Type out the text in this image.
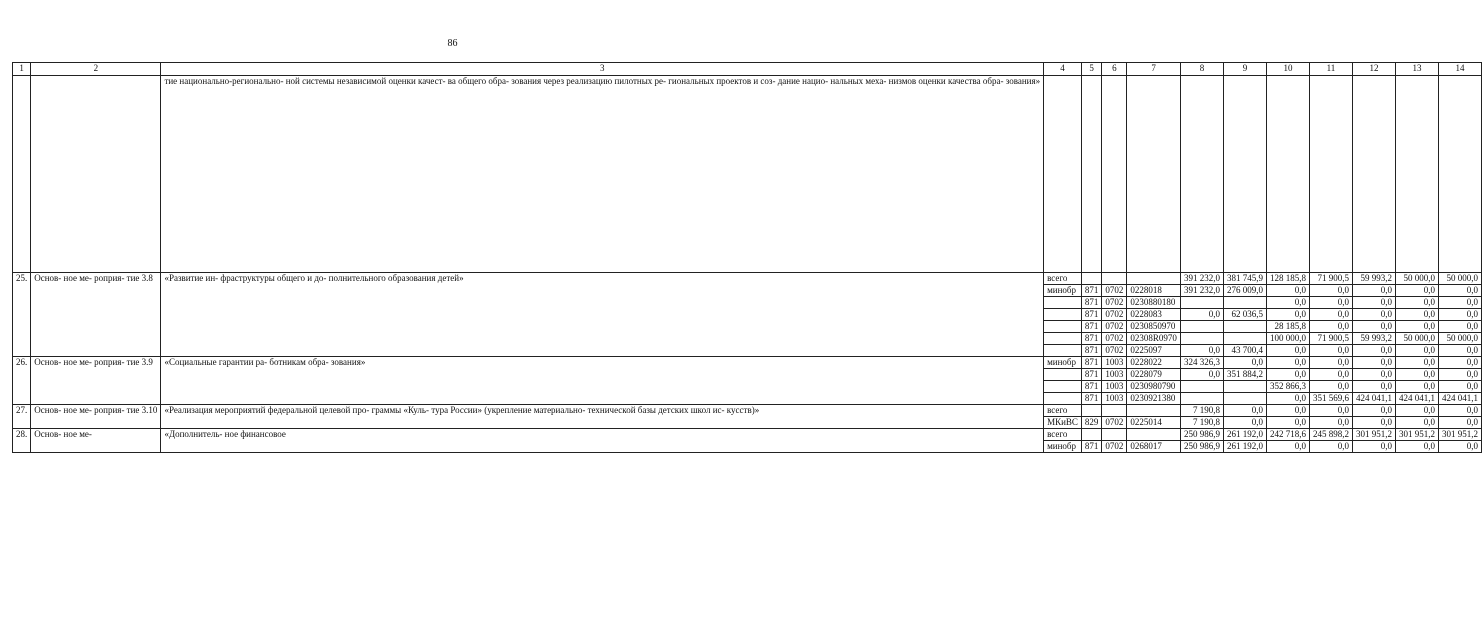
86
1	2	3	4	5	6	7	8	9	10	11	12	13	14
		тие национально-регионально- ной системы независимой оценки качест- ва общего обра- зования через реализацию пилотных ре- гиональных проектов и соз- дание нацио- нальных меха- низмов оценки качества обра- зования»											
25.	Основ- ное ме- роприя- тие 3.8	«Развитие ин- фраструктуры общего и до- полнительного образования детей»	всего				391 232,0	381 745,9	128 185,8	71 900,5	59 993,2	50 000,0	50 000,0
			минобр	871	0702	0228018	391 232,0	276 009,0	0,0	0,0	0,0	0,0	0,0
				871	0702	0230880180			0,0	0,0	0,0	0,0	0,0
				871	0702	0228083	0,0	62 036,5	0,0	0,0	0,0	0,0	0,0
				871	0702	0230850970			28 185,8	0,0	0,0	0,0	0,0
				871	0702	02308R0970			100 000,0	71 900,5	59 993,2	50 000,0	50 000,0
				871	0702	0225097	0,0	43 700,4	0,0	0,0	0,0	0,0	0,0
26.	Основ- ное ме- роприя- тие 3.9	«Социальные гарантии ра- ботникам обра- зования»	минобр	871	1003	0228022	324 326,3	0,0	0,0	0,0	0,0	0,0	0,0
				871	1003	0228079	0,0	351 884,2	0,0	0,0	0,0	0,0	0,0
				871	1003	0230980790			352 866,3	0,0	0,0	0,0	0,0
				871	1003	0230921380			0,0	351 569,6	424 041,1	424 041,1	424 041,1
27.	Основ- ное ме- роприя- тие 3.10	«Реализация мероприятий федеральной целевой про- граммы «Куль- тура России» (укрепление материально- технической базы детских школ ис- кусств)»	всего				7 190,8	0,0	0,0	0,0	0,0	0,0	0,0
			МКиВС	829	0702	0225014	7 190,8	0,0	0,0	0,0	0,0	0,0	0,0
28.	Основ- ное ме-	«Дополнитель- ное финансовое	всего				250 986,9	261 192,0	242 718,6	245 898,2	301 951,2	301 951,2	301 951,2
			минобр	871	0702	0268017	250 986,9	261 192,0	0,0	0,0	0,0	0,0	0,0
